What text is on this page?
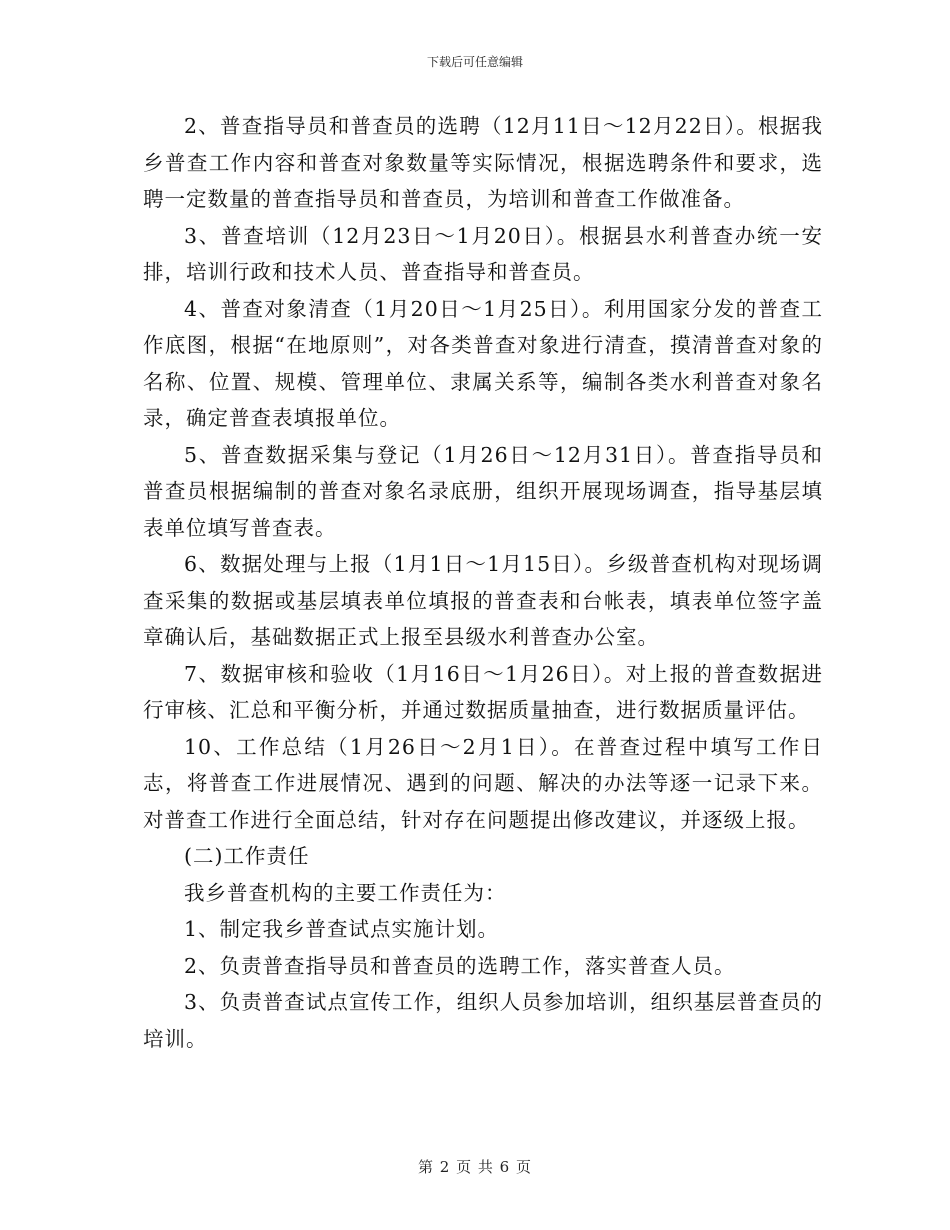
下载后可任意编辑

2、普查指导员和普查员的选聘（12月11日～12月22日）。根据我乡普查工作内容和普查对象数量等实际情况，根据选聘条件和要求，选聘一定数量的普查指导员和普查员，为培训和普查工作做准备。

3、普查培训（12月23日～1月20日）。根据县水利普查办统一安排，培训行政和技术人员、普查指导和普查员。

4、普查对象清查（1月20日～1月25日）。利用国家分发的普查工作底图，根据“在地原则”，对各类普查对象进行清查，摸清普查对象的名称、位置、规模、管理单位、隶属关系等，编制各类水利普查对象名录，确定普查表填报单位。

5、普查数据采集与登记（1月26日～12月31日）。普查指导员和普查员根据编制的普查对象名录底册，组织开展现场调查，指导基层填表单位填写普查表。

6、数据处理与上报（1月1日～1月15日）。乡级普查机构对现场调查采集的数据或基层填表单位填报的普查表和台帐表，填表单位签字盖章确认后，基础数据正式上报至县级水利普查办公室。

7、数据审核和验收（1月16日～1月26日）。对上报的普查数据进行审核、汇总和平衡分析，并通过数据质量抽查，进行数据质量评估。

10、工作总结（1月26日～2月1日）。在普查过程中填写工作日志，将普查工作进展情况、遇到的问题、解决的办法等逐一记录下来。对普查工作进行全面总结，针对存在问题提出修改建议，并逐级上报。

(二)工作责任

我乡普查机构的主要工作责任为：

1、制定我乡普查试点实施计划。

2、负责普查指导员和普查员的选聘工作，落实普查人员。

3、负责普查试点宣传工作，组织人员参加培训，组织基层普查员的培训。

第 2 页 共 6 页
